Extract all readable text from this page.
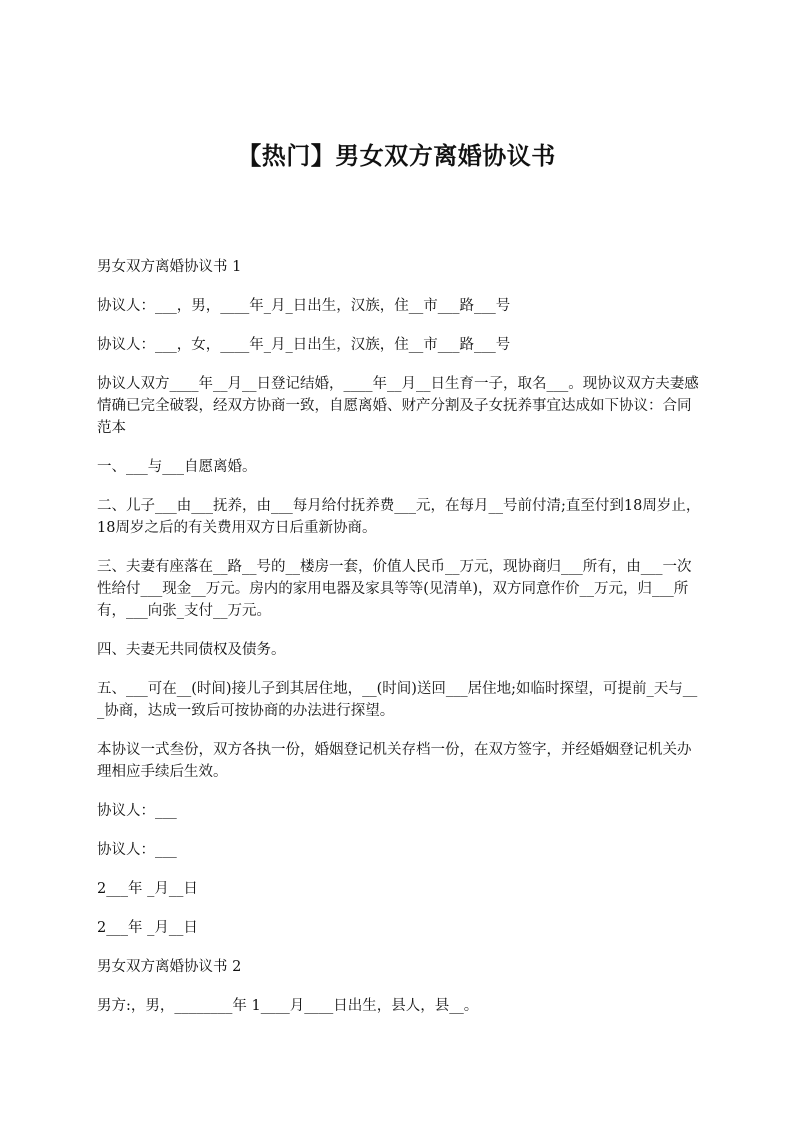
【热门】男女双方离婚协议书

男女双方离婚协议书 1

协议人：___，男，____年_月_日出生，汉族，住__市___路___号

协议人：___，女，____年_月_日出生，汉族，住__市___路___号

协议人双方____年__月__日登记结婚，____年__月__日生育一子，取名___。现协议双方夫妻感情确已完全破裂，经双方协商一致，自愿离婚、财产分割及子女抚养事宜达成如下协议：合同范本

一、___与___自愿离婚。

二、儿子___由___抚养，由___每月给付抚养费___元，在每月__号前付清;直至付到18周岁止，18周岁之后的有关费用双方日后重新协商。

三、夫妻有座落在__路__号的__楼房一套，价值人民币__万元，现协商归___所有，由___一次性给付___现金__万元。房内的家用电器及家具等等(见清单)，双方同意作价__万元，归___所有，___向张_支付__万元。

四、夫妻无共同债权及债务。

五、___可在__(时间)接儿子到其居住地，__(时间)送回___居住地;如临时探望，可提前_天与___协商，达成一致后可按协商的办法进行探望。

本协议一式叁份，双方各执一份，婚姻登记机关存档一份，在双方签字，并经婚姻登记机关办理相应手续后生效。

协议人：___

协议人：___

2___年 _月__日

2___年 _月__日

男女双方离婚协议书 2

男方:，男，________年 1____月____日出生，县人，县__。
